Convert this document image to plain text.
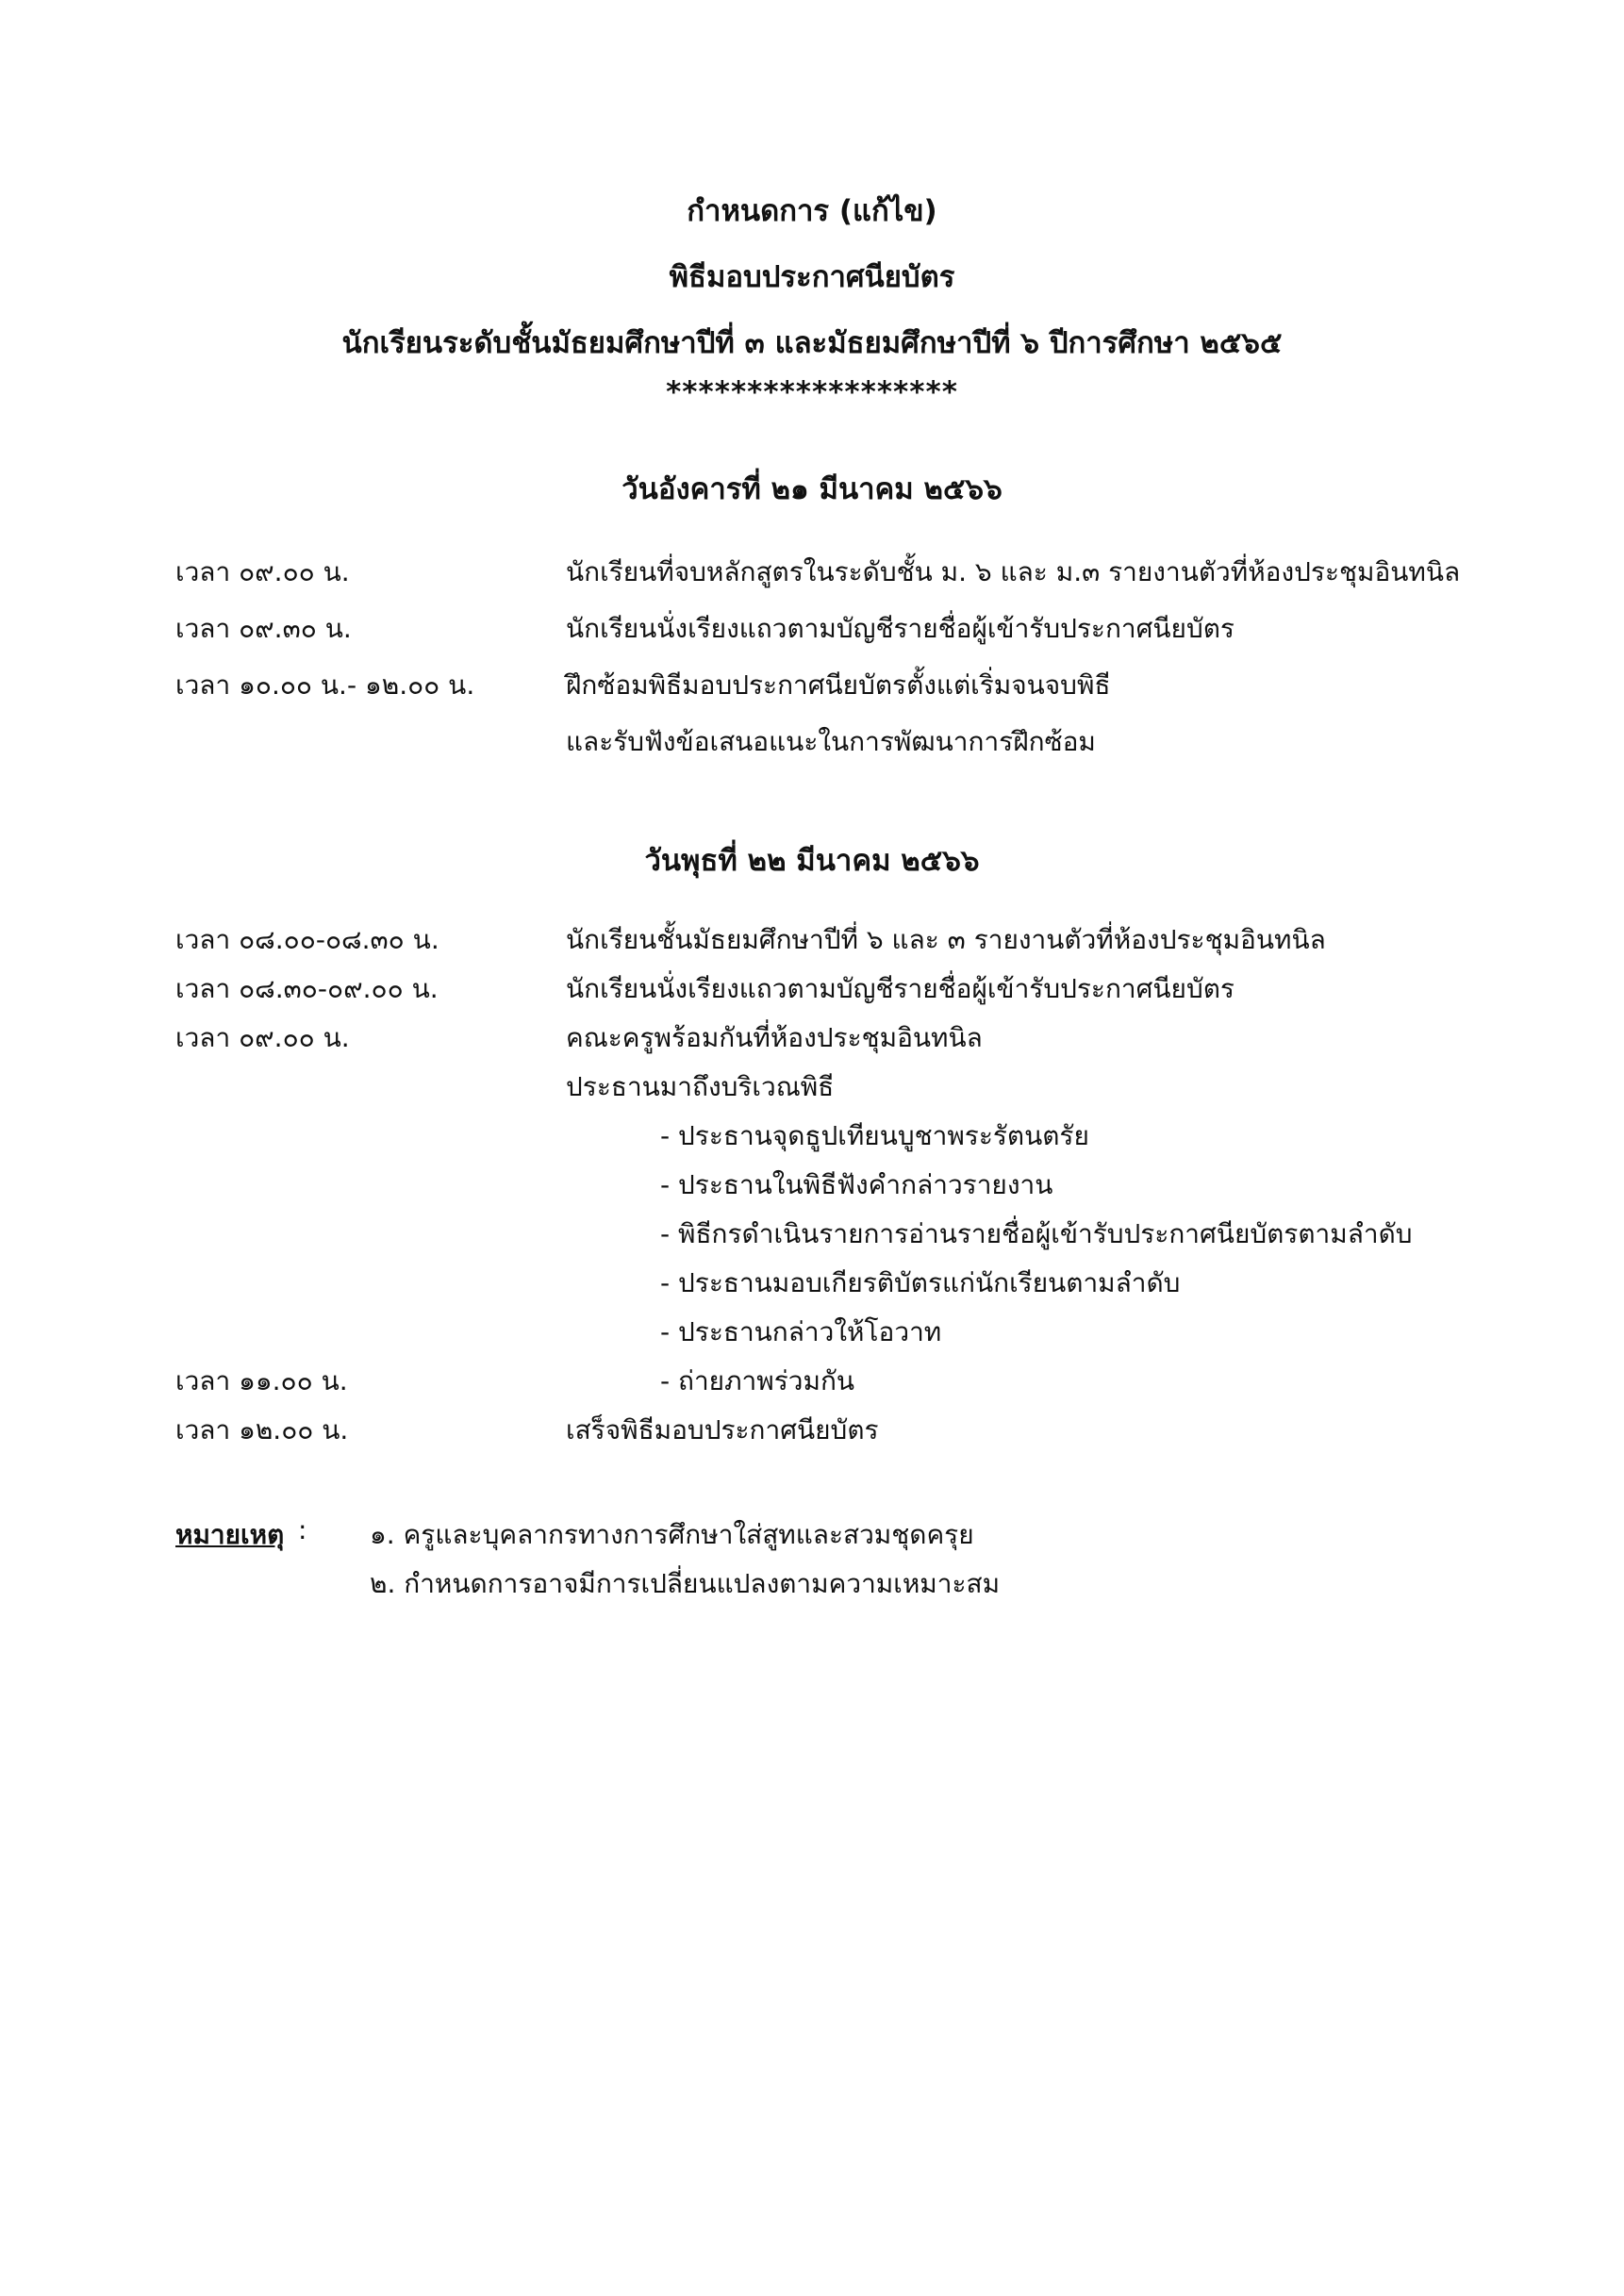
กำหนดการ (แก้ไข)
พิธีมอบประกาศนียบัตร
นักเรียนระดับชั้นมัธยมศึกษาปีที่ ๓ และมัธยมศึกษาปีที่ ๖ ปีการศึกษา ๒๕๖๕
******************
วันอังคารที่ ๒๑ มีนาคม ๒๕๖๖
เวลา ๐๙.๐๐ น.	นักเรียนที่จบหลักสูตรในระดับชั้น ม. ๖ และ ม.๓ รายงานตัวที่ห้องประชุมอินทนิล
เวลา ๐๙.๓๐ น.	นักเรียนนั่งเรียงแถวตามบัญชีรายชื่อผู้เข้ารับประกาศนียบัตร
เวลา ๑๐.๐๐ น.- ๑๒.๐๐ น.	ฝึกซ้อมพิธีมอบประกาศนียบัตรตั้งแต่เริ่มจนจบพิธี
และรับฟังข้อเสนอแนะในการพัฒนาการฝึกซ้อม
วันพุธที่ ๒๒ มีนาคม ๒๕๖๖
เวลา ๐๘.๐๐-๐๘.๓๐ น.	นักเรียนชั้นมัธยมศึกษาปีที่ ๖ และ ๓ รายงานตัวที่ห้องประชุมอินทนิล
เวลา ๐๘.๓๐-๐๙.๐๐ น.	นักเรียนนั่งเรียงแถวตามบัญชีรายชื่อผู้เข้ารับประกาศนียบัตร
เวลา ๐๙.๐๐ น.	คณะครูพร้อมกันที่ห้องประชุมอินทนิล
ประธานมาถึงบริเวณพิธี
- ประธานจุดธูปเทียนบูชาพระรัตนตรัย
- ประธานในพิธีฟังคำกล่าวรายงาน
- พิธีกรดำเนินรายการอ่านรายชื่อผู้เข้ารับประกาศนียบัตรตามลำดับ
- ประธานมอบเกียรติบัตรแก่นักเรียนตามลำดับ
- ประธานกล่าวให้โอวาท
เวลา ๑๑.๐๐ น.	- ถ่ายภาพร่วมกัน
เวลา ๑๒.๐๐ น.	เสร็จพิธีมอบประกาศนียบัตร
หมายเหตุ : ๑. ครูและบุคลากรทางการศึกษาใส่สูทและสวมชุดครุย
๒. กำหนดการอาจมีการเปลี่ยนแปลงตามความเหมาะสม
